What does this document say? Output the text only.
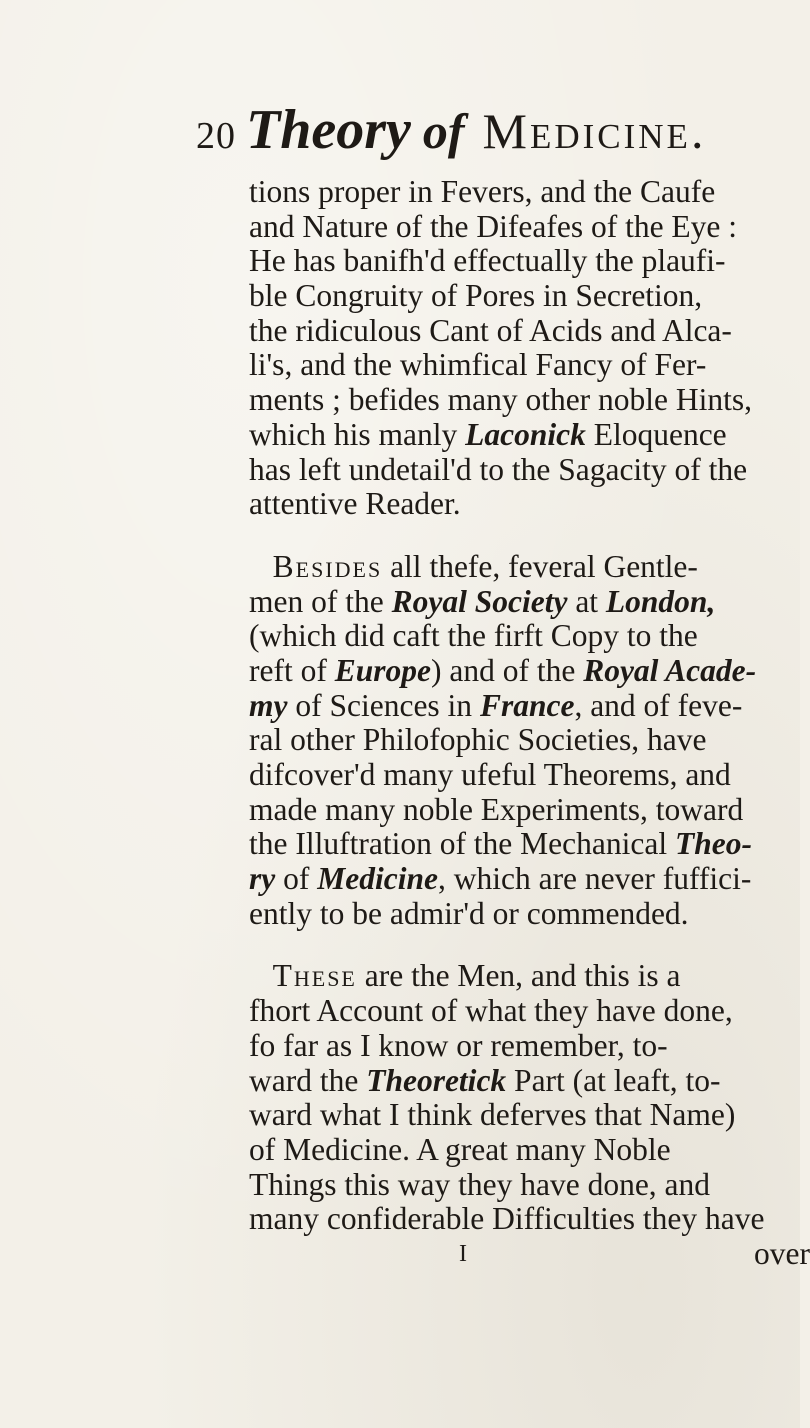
20 Theory of Medicine.
tions proper in Fevers, and the Caufe
and Nature of the Difeafes of the Eye :
He has banifh'd effectually the plaufi-
ble Congruity of Pores in Secretion,
the ridiculous Cant of Acids and Alca-
li's, and the whimfical Fancy of Fer-
ments ; befides many other noble Hints,
which his manly Laconick Eloquence
has left undetail'd to the Sagacity of the
attentive Reader.
Besides all thefe, feveral Gentle-
men of the Royal Society at London,
(which did caft the firft Copy to the
reft of Europe) and of the Royal Acade-
my of Sciences in France, and of feve-
ral other Philofophic Societies, have
difcover'd many ufeful Theorems, and
made many noble Experiments, toward
the Illuftration of the Mechanical Theo-
ry of Medicine, which are never fuffici-
ently to be admir'd or commended.
These are the Men, and this is a
fhort Account of what they have done,
fo far as I know or remember, to-
ward the Theoretick Part (at leaft, to-
ward what I think deferves that Name)
of Medicine. A great many Noble
Things this way they have done, and
many confiderable Difficulties they have
I	over
